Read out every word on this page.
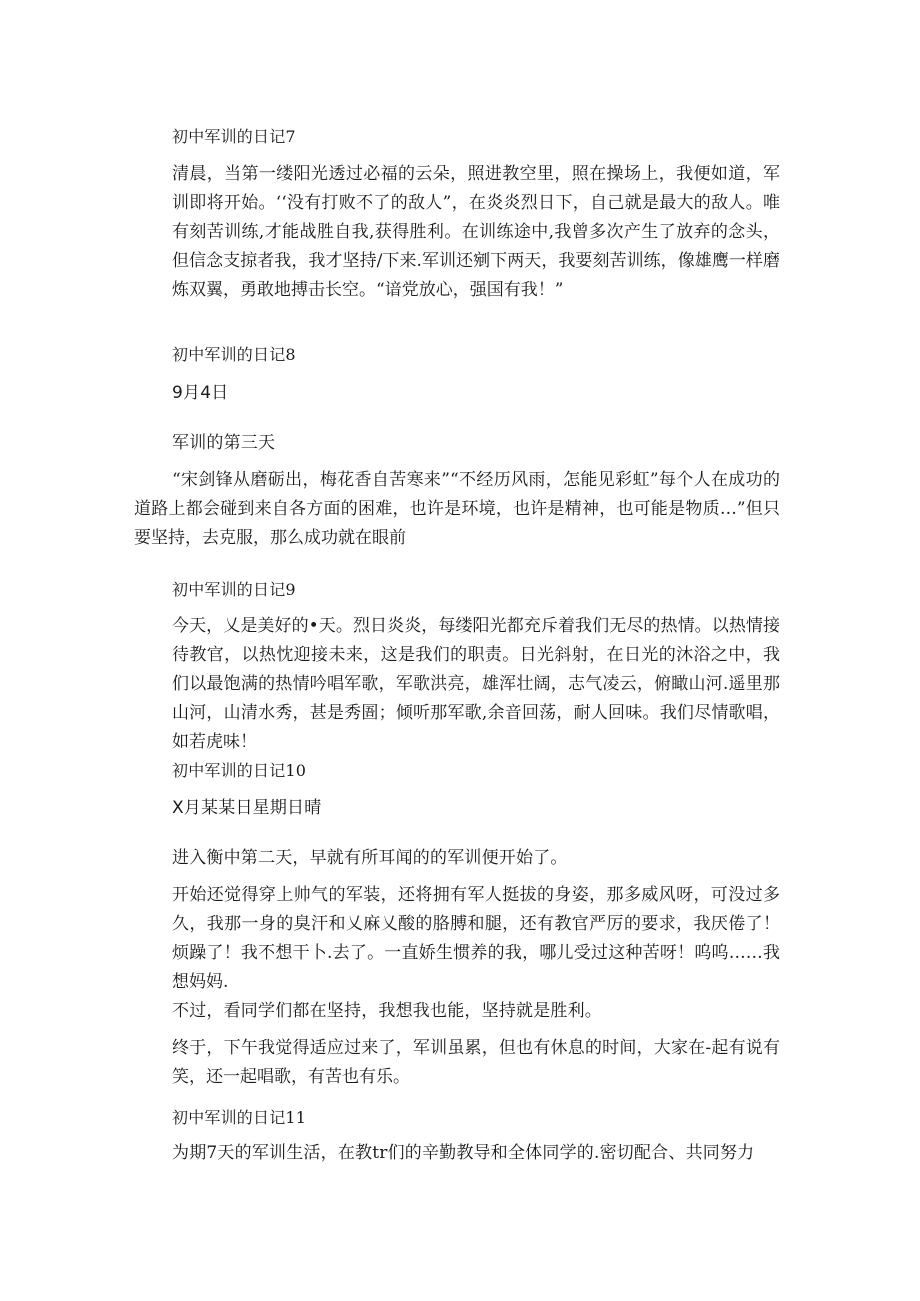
初中军训的日记7
清晨，当第一缕阳光透过必福的云朵，照进教空里，照在操场上，我便如道，军训即将开始。‘‘没有打败不了的敌人”，在炎炎烈日下，自己就是最大的敌人。唯有刻苦训练,才能战胜自我,获得胜利。在训练途中,我曾多次产生了放弃的念头，但信念支掠者我，我才坚持/下来.军训还剜下两天，我要刻苦训练，像雄鹰一样磨炼双翼，勇敢地搏击长空。“谙党放心，强国有我！”
初中军训的日记8
9月4日
军训的第三天
“宋剑锋从磨砺出，梅花香自苦寒来”“不经历风雨，怎能见彩虹”每个人在成功的道路上都会碰到来自各方面的困难，也许是环境，也许是精神，也可能是物质…”但只要坚持，去克服，那么成功就在眼前
初中军训的日记9
今天，乂是美好的•天。烈日炎炎，每缕阳光都充斥着我们无尽的热情。以热情接待教官，以热忱迎接未来，这是我们的职责。日光斜射，在日光的沐浴之中，我们以最饱满的热情吟唱军歌，军歌洪亮，雄浑壮阔，志气凌云，俯瞰山河.遥里那山河，山清水秀，甚是秀圄；倾听那军歌,余音回荡，耐人回味。我们尽情歌唱，如若虎味！
初中军训的日记10
X月某某日星期日晴
进入衡中第二天，早就有所耳闻的的军训便开始了。
开始还觉得穿上帅气的军装，还将拥有军人挺拔的身姿，那多威风呀，可没过多久，我那一身的臭汗和乂麻乂酸的胳膊和腿，还有教官严厉的要求，我厌倦了！烦躁了！我不想干卜.去了。一直娇生惯养的我，哪儿受过这种苦呀！呜呜……我想妈妈.
不过，看同学们都在坚持，我想我也能，坚持就是胜利。
终于，下午我觉得适应过来了，军训虽累，但也有休息的时间，大家在-起有说有笑，还一起唱歌，有苦也有乐。
初中军训的日记11
为期7天的军训生活，在教tr们的辛勤教导和全体同学的.密切配合、共同努力
